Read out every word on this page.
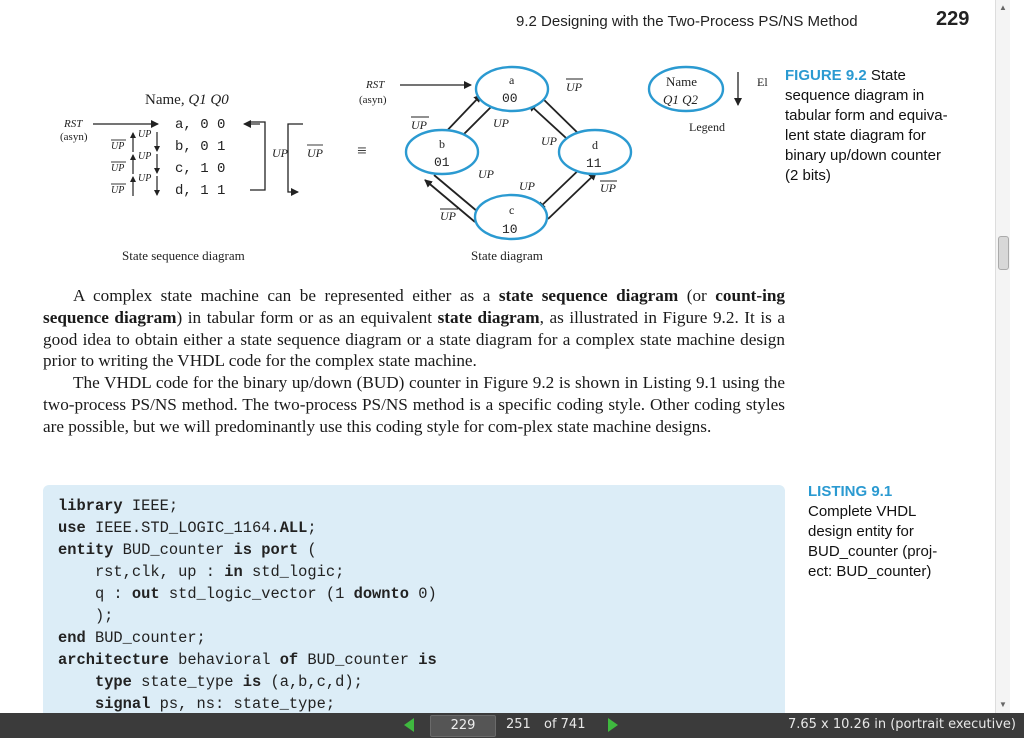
9.2 Designing with the Two-Process PS/NS Method	229
Name, Q1 Q0
RST
(asyn)
a, 0 0
b, 0 1
c, 1 0
d, 1 1
UP
UP
UP
UP
UP
UP
UP UP ≡
State sequence diagram
RST
(asyn)
a
00
b
01
c
10
d
11
UP
UP	UP
UP
UP
UP	UP
UP
State diagram
Name
Q1 Q2
Legend
El FIGURE 9.2 State
sequence diagram in
tabular form and equiva-
lent state diagram for
binary up/down counter
(2 bits)

A complex state machine can be represented either as a state sequence diagram (or count-ing sequence diagram) in tabular form or as an equivalent state diagram, as illustrated in Figure 9.2. It is a good idea to obtain either a state sequence diagram or a state diagram for a complex state machine design prior to writing the VHDL code for the complex state machine.

The VHDL code for the binary up/down (BUD) counter in Figure 9.2 is shown in Listing 9.1 using the two-process PS/NS method. The two-process PS/NS method is a specific coding style. Other coding styles are possible, but we will predominantly use this coding style for com-plex state machine designs.

library IEEE;
use IEEE.STD_LOGIC_1164.ALL;
entity BUD_counter is port (
rst,clk, up : in std_logic;
q : out std_logic_vector (1 downto 0)
);
end BUD_counter;
architecture behavioral of BUD_counter is
type state_type is (a,b,c,d);
signal ps, ns: state_type;
LISTING 9.1
Complete VHDL
design entity for
BUD_counter (proj-
ect: BUD_counter)
▲
▼
229	251 of 741	7.65 x 10.26 in (portrait executive)
